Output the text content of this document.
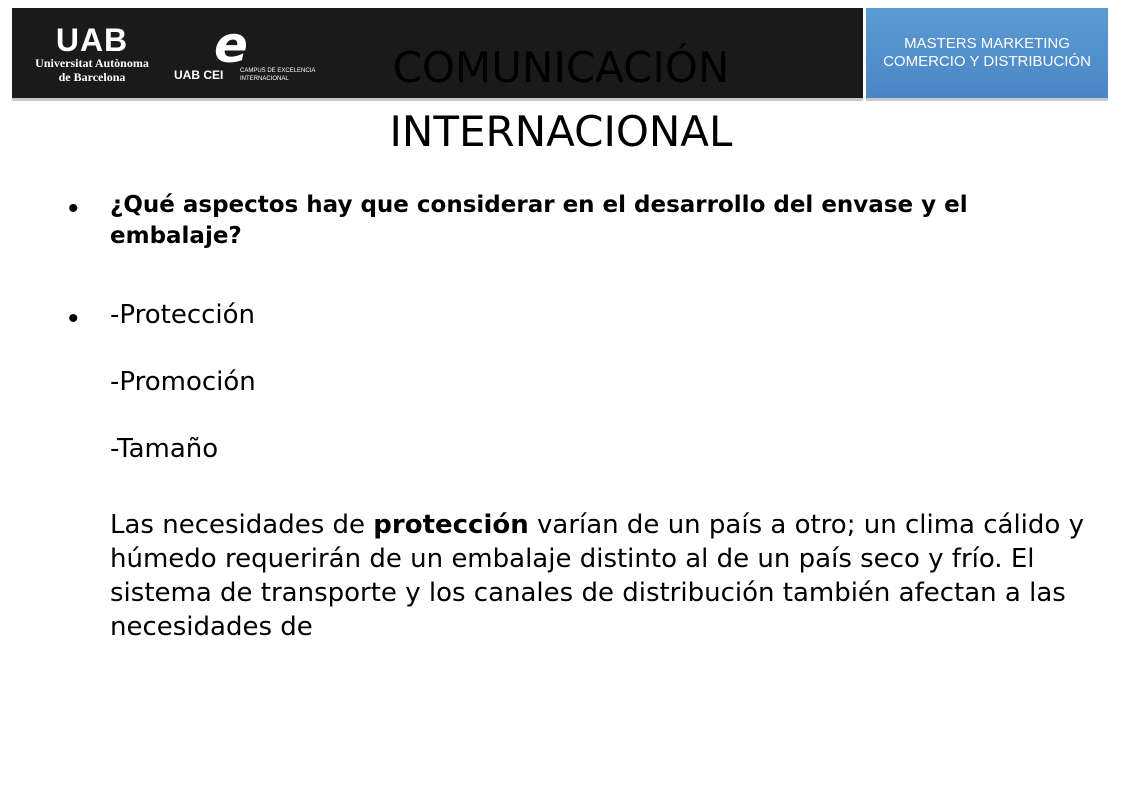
UAB
Universitat Autònoma
de Barcelona
e
UAB CEI	CAMPUS DE EXCELENCIA
INTERNACIONAL
MASTERS MARKETING
COMERCIO Y DISTRIBUCIÓN
COMUNICACIÓN
INTERNACIONAL
• ¿Qué aspectos hay que considerar en el desarrollo del envase y el embalaje?
• -Protección
-Promoción
-Tamaño
Las necesidades de protección varían de un país a otro; un clima cálido y húmedo requerirán de un embalaje distinto al de un país seco y frío. El sistema de transporte y los canales de distribución también afectan a las necesidades de
